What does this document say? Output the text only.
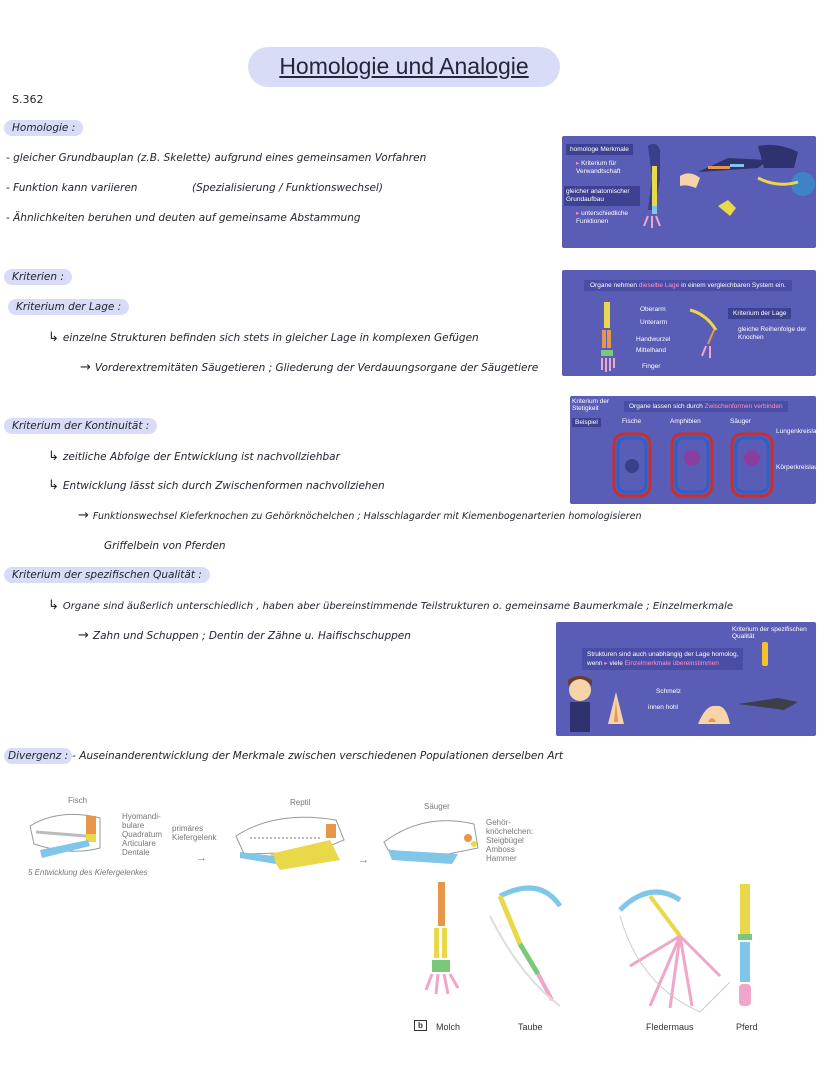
Homologie und Analogie
S.362
Homologie :
- gleicher Grundbauplan (z.B. Skelette) aufgrund eines gemeinsamen Vorfahren
- Funktion kann variieren	(Spezialisierung / Funktionswechsel)
- Ähnlichkeiten beruhen und deuten auf gemeinsame Abstammung
Kriterien :
Kriterium der Lage :
↳ einzelne Strukturen befinden sich stets in gleicher Lage in komplexen Gefügen
→ Vorderextremitäten Säugetieren ; Gliederung der Verdauungsorgane der Säugetiere
Kriterium der Kontinuität :
↳ zeitliche Abfolge der Entwicklung ist nachvollziehbar
↳ Entwicklung lässt sich durch Zwischenformen nachvollziehen
→ Funktionswechsel Kieferknochen zu Gehörknöchelchen ; Halsschlagarder mit Kiemenbogenarterien homologisieren
Griffelbein von Pferden
Kriterium der spezifischen Qualität :
↳ Organe sind äußerlich unterschiedlich , haben aber übereinstimmende Teilstrukturen o. gemeinsame Baumerkmale ; Einzelmerkmale
→ Zahn und Schuppen ; Dentin der Zähne u. Haifischschuppen
Divergenz : - Auseinanderentwicklung der Merkmale zwischen verschiedenen Populationen derselben Art
homologe Merkmale
▸ Kriterium für Verwandtschaft
gleicher anatomischer Grundaufbau
▸ unterschiedliche Funktionen
Organe nehmen dieselbe Lage in einem vergleichbaren System ein.
Oberarm
Unterarm
Handwurzel
Mittelhand
Finger
Kriterium der Lage
gleiche Reihenfolge der Knochen
Kriterium der Stetigkeit	Organe lassen sich durch Zwischenformen verbinden
Beispiel	Fische	Amphibien	Säuger
Lungenkreislauf
Körperkreislauf
Kriterium der spezifischen Qualität
Strukturen sind auch unabhängig der Lage homolog,
wenn ▸ viele Einzelmerkmale übereinstimmen
Schmelz
innen hohl
Fisch
Hyomandi-
bulare
Quadratum
Articulare
Dentale
primäres
Kiefergelenk
→
Reptil
→
Säuger
Gehör-
knöchelchen:
Steigbügel
Amboss
Hammer
5 Entwicklung des Kiefergelenkes
b	Molch	Taube	Fledermaus	Pferd
